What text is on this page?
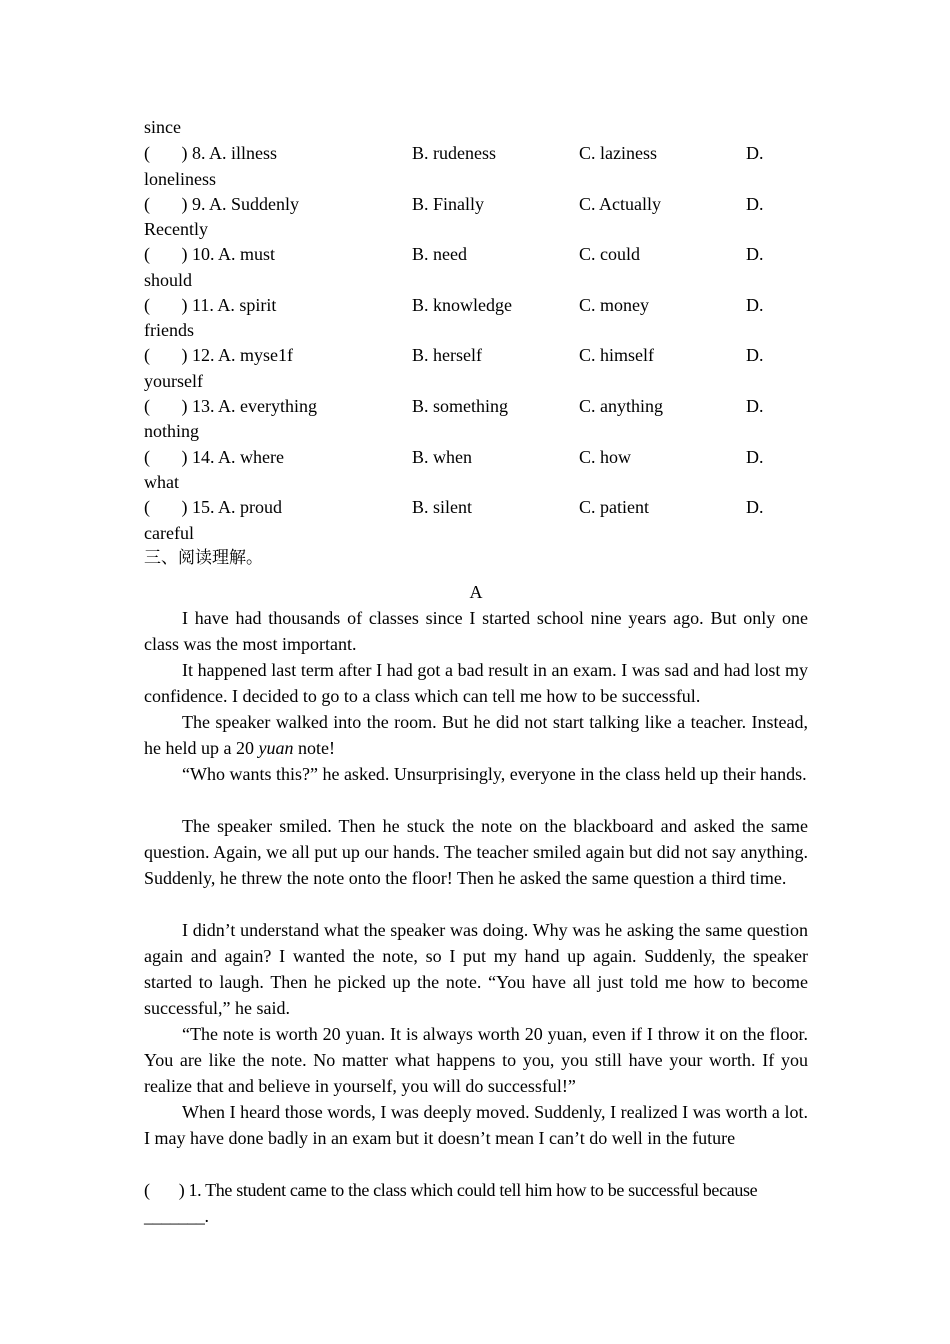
since
(       ) 8. A. illness	B. rudeness	C. laziness	D.
loneliness
(       ) 9. A. Suddenly	B. Finally	C. Actually	D.
Recently
(       ) 10. A. must	B. need	C. could	D.
should
(       ) 11. A. spirit	B. knowledge	C. money	D.
friends
(       ) 12. A. myse1f	B. herself	C. himself	D.
yourself
(       ) 13. A. everything	B. something	C. anything	D.
nothing
(       ) 14. A. where	B. when	C. how	D.
what
(       ) 15. A. proud	B. silent	C. patient	D.
careful
三、阅读理解。
A
I have had thousands of classes since I started school nine years ago. But only one class was the most important.
It happened last term after I had got a bad result in an exam. I was sad and had lost my confidence. I decided to go to a class which can tell me how to be successful.
The speaker walked into the room. But he did not start talking like a teacher. Instead, he held up a 20 yuan note!
“Who wants this?” he asked. Unsurprisingly, everyone in the class held up their hands.
The speaker smiled. Then he stuck the note on the blackboard and asked the same question. Again, we all put up our hands. The teacher smiled again but did not say anything. Suddenly, he threw the note onto the floor! Then he asked the same question a third time.
I didn’t understand what the speaker was doing. Why was he asking the same question again and again? I wanted the note, so I put my hand up again. Suddenly, the speaker started to laugh. Then he picked up the note. “You have all just told me how to become successful,” he said.
“The note is worth 20 yuan. It is always worth 20 yuan, even if I throw it on the floor. You are like the note. No matter what happens to you, you still have your worth. If you realize that and believe in yourself, you will do successful!”
When I heard those words, I was deeply moved. Suddenly, I realized I was worth a lot. I may have done badly in an exam but it doesn’t mean I can’t do well in the future
(       ) 1. The student came to the class which could tell him how to be successful because
_______.
